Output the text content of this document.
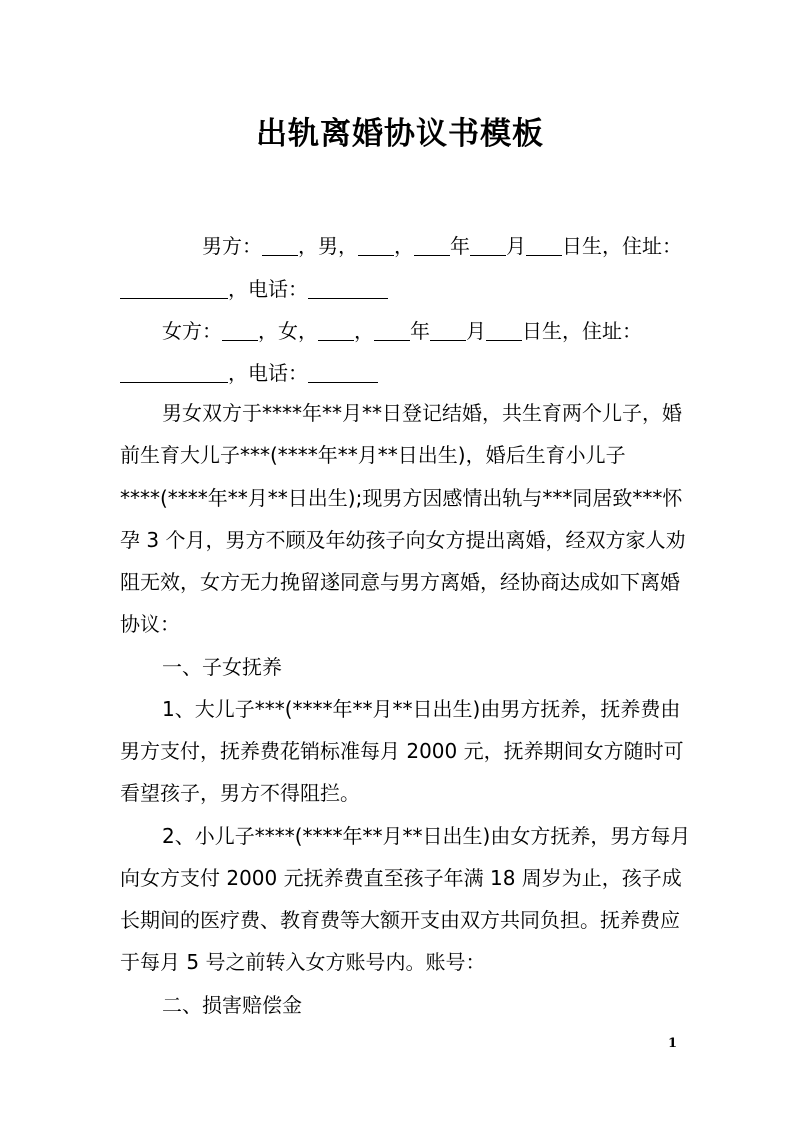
出轨离婚协议书模板
男方： ，男， ， 年 月 日生，住址：
，电话：
女方： ，女， ， 年 月 日生，住址：
，电话：
男女双方于****年**月**日登记结婚，共生育两个儿子，婚
前生育大儿子***(****年**月**日出生)，婚后生育小儿子
****(****年**月**日出生);现男方因感情出轨与***同居致***怀
孕 3 个月，男方不顾及年幼孩子向女方提出离婚，经双方家人劝
阻无效，女方无力挽留遂同意与男方离婚，经协商达成如下离婚
协议：
一、子女抚养
1、大儿子***(****年**月**日出生)由男方抚养，抚养费由
男方支付，抚养费花销标准每月 2000 元，抚养期间女方随时可
看望孩子，男方不得阻拦。
2、小儿子****(****年**月**日出生)由女方抚养，男方每月
向女方支付 2000 元抚养费直至孩子年满 18 周岁为止，孩子成
长期间的医疗费、教育费等大额开支由双方共同负担。抚养费应
于每月 5 号之前转入女方账号内。账号：
二、损害赔偿金
1
